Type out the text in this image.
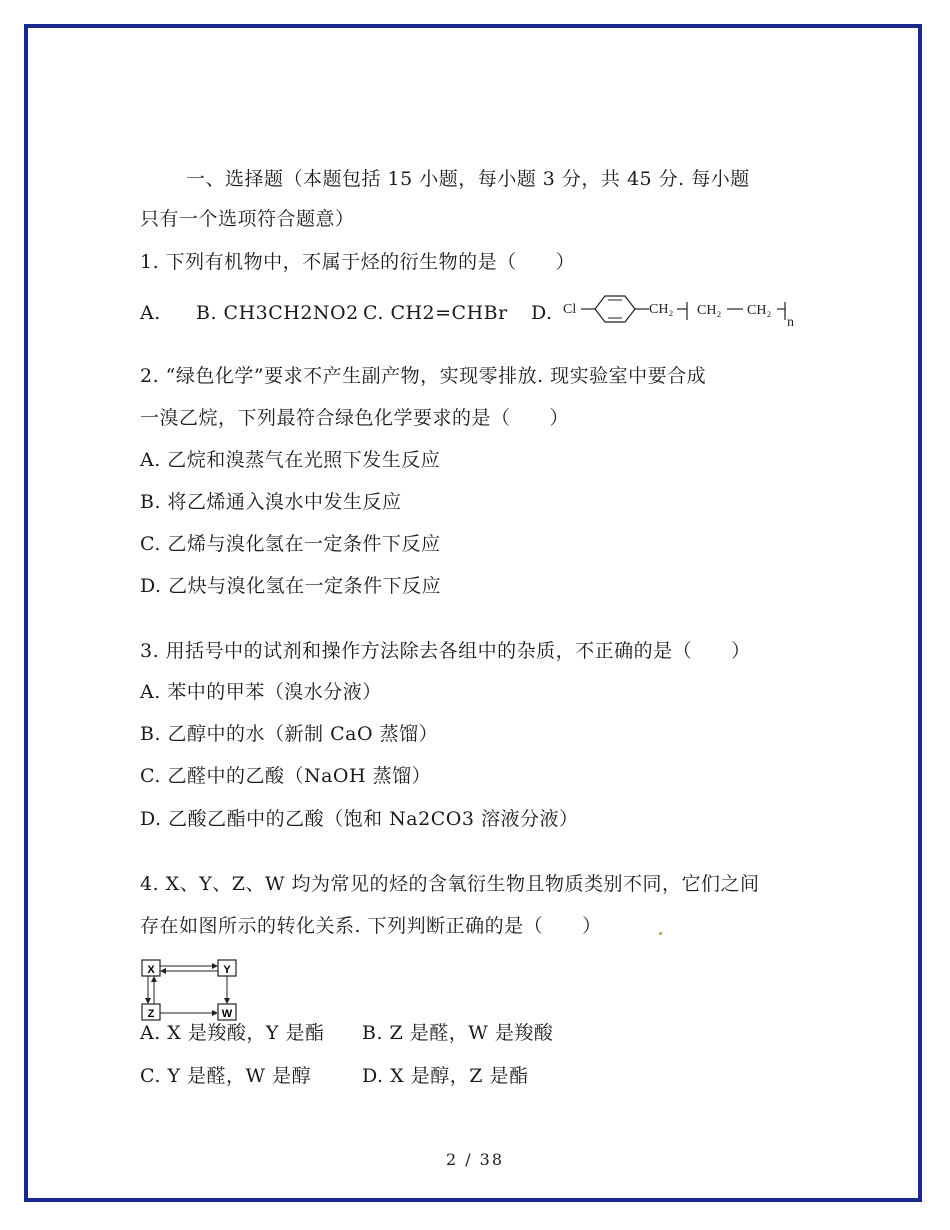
一、选择题（本题包括 15 小题，每小题 3 分，共 45 分. 每小题
只有一个选项符合题意）
1. 下列有机物中，不属于烃的衍生物的是（　　）
A. B. CH3CH2NO2 C. CH2=CHBr D. Cl	CH₂ CH₂ CH₂
n
2. “绿色化学”要求不产生副产物，实现零排放. 现实验室中要合成
一溴乙烷，下列最符合绿色化学要求的是（　　）
A. 乙烷和溴蒸气在光照下发生反应
B. 将乙烯通入溴水中发生反应
C. 乙烯与溴化氢在一定条件下反应
D. 乙炔与溴化氢在一定条件下反应
3. 用括号中的试剂和操作方法除去各组中的杂质，不正确的是（　　）
A. 苯中的甲苯（溴水分液）
B. 乙醇中的水（新制 CaO 蒸馏）
C. 乙醛中的乙酸（NaOH 蒸馏）
D. 乙酸乙酯中的乙酸（饱和 Na2CO3 溶液分液）
4. X、Y、Z、W 均为常见的烃的含氧衍生物且物质类别不同，它们之间
存在如图所示的转化关系. 下列判断正确的是（　　）
X	Y
Z	W
A. X 是羧酸，Y 是酯 B. Z 是醛，W 是羧酸
C. Y 是醛，W 是醇	D. X 是醇，Z 是酯
2 / 38
